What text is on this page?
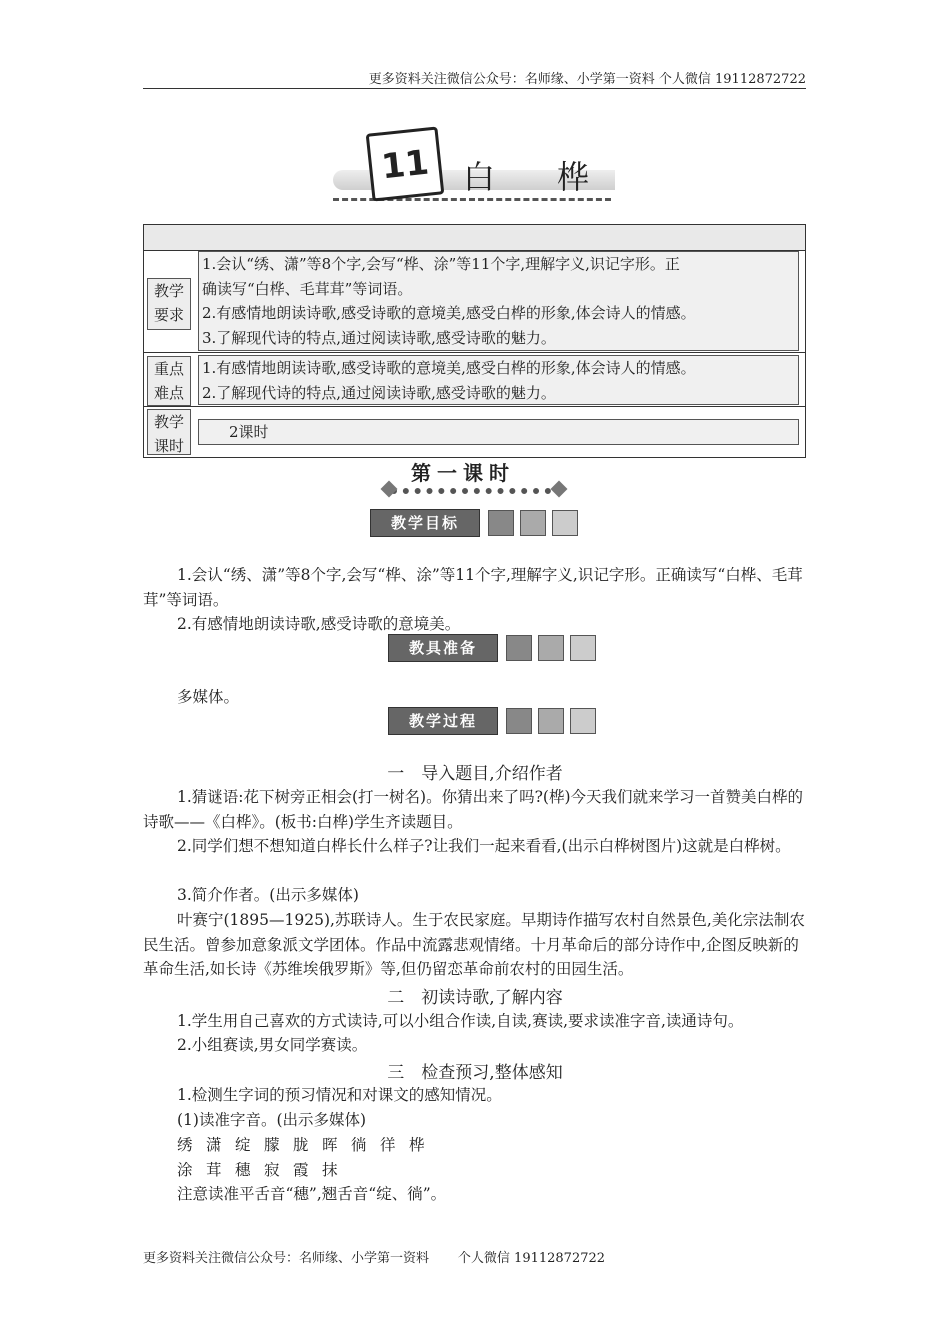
更多资料关注微信公众号：名师缘、小学第一资料 个人微信 19112872722
11	白 桦
教学
要求
1.会认“绣、潇”等8个字,会写“桦、涂”等11个字,理解字义,识记字形。正
确读写“白桦、毛茸茸”等词语。
2.有感情地朗读诗歌,感受诗歌的意境美,感受白桦的形象,体会诗人的情感。
3.了解现代诗的特点,通过阅读诗歌,感受诗歌的魅力。
重点
难点
1.有感情地朗读诗歌,感受诗歌的意境美,感受白桦的形象,体会诗人的情感。
2.了解现代诗的特点,通过阅读诗歌,感受诗歌的魅力。
教学
课时
2课时
第一课时
教学目标
1.会认“绣、潇”等8个字,会写“桦、涂”等11个字,理解字义,识记字形。正确读写“白桦、毛茸茸”等词语。
2.有感情地朗读诗歌,感受诗歌的意境美。
教具准备
多媒体。
教学过程
一　导入题目,介绍作者
1.猜谜语:花下树旁正相会(打一树名)。你猜出来了吗?(桦)今天我们就来学习一首赞美白桦的诗歌——《白桦》。(板书:白桦)学生齐读题目。
2.同学们想不想知道白桦长什么样子?让我们一起来看看,(出示白桦树图片)这就是白桦树。
3.简介作者。(出示多媒体)
叶赛宁(1895—1925),苏联诗人。生于农民家庭。早期诗作描写农村自然景色,美化宗法制农民生活。曾参加意象派文学团体。作品中流露悲观情绪。十月革命后的部分诗作中,企图反映新的革命生活,如长诗《苏维埃俄罗斯》等,但仍留恋革命前农村的田园生活。
二　初读诗歌,了解内容
1.学生用自己喜欢的方式读诗,可以小组合作读,自读,赛读,要求读准字音,读通诗句。
2.小组赛读,男女同学赛读。
三　检查预习,整体感知
1.检测生字词的预习情况和对课文的感知情况。
(1)读准字音。(出示多媒体)
绣 潇 绽 朦 胧 晖 徜 徉 桦
涂 茸 穗 寂 霞 抹
注意读准平舌音“穗”,翘舌音“绽、徜”。
更多资料关注微信公众号：名师缘、小学第一资料       个人微信 19112872722
